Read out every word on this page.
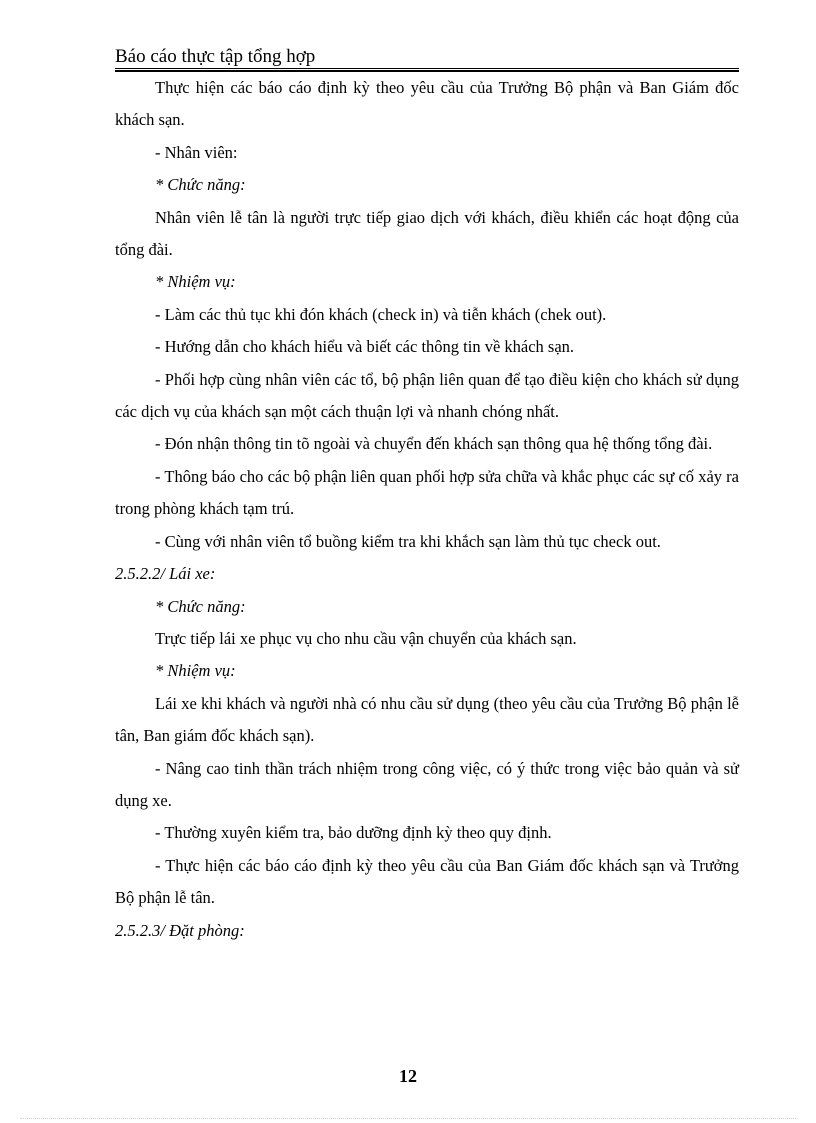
Báo cáo thực tập tổng hợp

Thực hiện các báo cáo định kỳ theo yêu cầu của Trưởng Bộ phận và Ban Giám đốc khách sạn.

- Nhân viên:

* Chức năng:

Nhân viên lễ tân là người trực tiếp giao dịch với khách, điều khiển các hoạt động của tổng đài.

* Nhiệm vụ:

- Làm các thủ tục khi đón khách (check in) và tiễn khách (chek out).

- Hướng dẫn cho khách hiểu và biết các thông tin về khách sạn.

- Phối hợp cùng nhân viên các tổ, bộ phận liên quan để tạo điều kiện cho khách sử dụng các dịch vụ của khách sạn một cách thuận lợi và nhanh chóng nhất.

- Đón nhận thông tin tõ ngoài và chuyển đến khách sạn thông qua hệ thống tổng đài.

- Thông báo cho các bộ phận liên quan phối hợp sửa chữa và khắc phục các sự cố xảy ra trong phòng khách tạm trú.

- Cùng với nhân viên tổ buồng kiểm tra khi khắch sạn làm thủ tục check out.

2.5.2.2/ Lái xe:

* Chức năng:

Trực tiếp lái xe phục vụ cho nhu cầu vận chuyển của khách sạn.

* Nhiệm vụ:

Lái xe khi khách và người nhà có nhu cầu sử dụng (theo yêu cầu của Trưởng Bộ phận lễ tân, Ban giám đốc khách sạn).

- Nâng cao tinh thần trách nhiệm trong công việc, có ý thức trong việc bảo quản và sử dụng xe.

- Thường xuyên kiểm tra, bảo dưỡng định kỳ theo quy định.

- Thực hiện các báo cáo định kỳ theo yêu cầu của Ban Giám đốc khách sạn và Trưởng Bộ phận lễ tân.

2.5.2.3/ Đặt phòng:

12
